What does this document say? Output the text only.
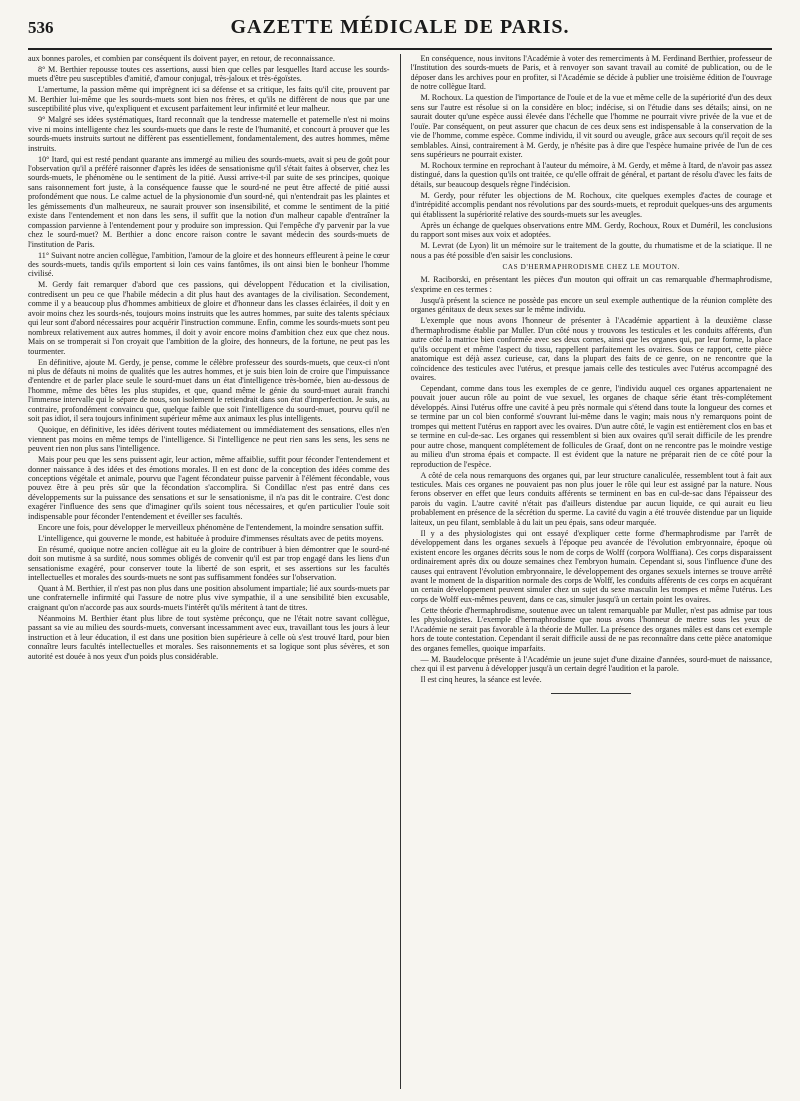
536	GAZETTE MÉDICALE DE PARIS.

aux bonnes paroles, et combien par conséquent ils doivent payer, en retour, de reconnaissance.

8° M. Berthier repousse toutes ces assertions, aussi bien que celles par lesquelles Itard accuse les sourds-muets d'être peu susceptibles d'amitié, d'amour conjugal, très-jaloux et très-égoïstes.

L'amertume, la passion même qui imprègnent ici sa défense et sa critique, les faits qu'il cite, prouvent par M. Berthier lui-même que les sourds-muets sont bien nos frères, et qu'ils ne diffèrent de nous que par une susceptibilité plus vive, qu'expliquent et excusent parfaitement leur infirmité et leur malheur.

9° Malgré ses idées systématiques, Itard reconnaît que la tendresse maternelle et paternelle n'est ni moins vive ni moins intelligente chez les sourds-muets que dans le reste de l'humanité, et concourt à prouver que les sourds-muets instruits surtout ne diffèrent pas essentiellement, fondamentalement, des autres hommes, même instruits.

10° Itard, qui est resté pendant quarante ans immergé au milieu des sourds-muets, avait si peu de goût pour l'observation qu'il a préféré raisonner d'après les idées de sensationisme qu'il s'était faites à observer, chez les sourds-muets, le phénomène ou le sentiment de la pitié. Aussi arrive-t-il par suite de ses principes, quoique sans raisonnement fort juste, à la conséquence fausse que le sourd-né ne peut être affecté de pitié aussi profondément que nous. Le calme actuel de la physionomie d'un sourd-né, qui n'entendrait pas les plaintes et les gémissements d'un malheureux, ne saurait prouver son insensibilité, et comme le sentiment de la pitié existe dans l'entendement et non dans les sens, il suffit que la notion d'un malheur capable d'entraîner la compassion parvienne à l'entendement pour y produire son impression. Qui l'empêche d'y parvenir par la vue chez le sourd-muet? M. Berthier a donc encore raison contre le savant médecin des sourds-muets de l'institution de Paris.

11° Suivant notre ancien collègue, l'ambition, l'amour de la gloire et des honneurs effleurent à peine le cœur des sourds-muets, tandis qu'ils emportent si loin ces vains fantômes, ils ont ainsi bien le bonheur l'homme civilisé.

M. Gerdy fait remarquer d'abord que ces passions, qui développent l'éducation et la civilisation, contredisent un peu ce que l'habile médecin a dit plus haut des avantages de la civilisation. Secondement, comme il y a beaucoup plus d'hommes ambitieux de gloire et d'honneur dans les classes éclairées, il doit y en avoir moins chez les sourds-nés, toujours moins instruits que les autres hommes, par suite des talents spéciaux qui leur sont d'abord nécessaires pour acquérir l'instruction commune. Enfin, comme les sourds-muets sont peu nombreux relativement aux autres hommes, il doit y avoir encore moins d'ambition chez eux que chez nous. Mais on se tromperait si l'on croyait que l'ambition de la gloire, des honneurs, de la fortune, ne peut pas les tourmenter.

En définitive, ajoute M. Gerdy, je pense, comme le célèbre professeur des sourds-muets, que ceux-ci n'ont ni plus de défauts ni moins de qualités que les autres hommes, et je suis bien loin de croire que l'impuissance d'entendre et de parler place seule le sourd-muet dans un état d'intelligence très-bornée, bien au-dessous de l'homme, même des bêtes les plus stupides, et que, quand même le génie du sourd-muet aurait franchi l'immense intervalle qui le sépare de nous, son isolement le retiendrait dans son état d'imperfection. Je suis, au contraire, profondément convaincu que, quelque faible que soit l'intelligence du sourd-muet, pourvu qu'il ne soit pas idiot, il sera toujours infiniment supérieur même aux animaux les plus intelligents.

Quoique, en définitive, les idées dérivent toutes médiatement ou immédiatement des sensations, elles n'en viennent pas moins en même temps de l'intelligence. Si l'intelligence ne peut rien sans les sens, les sens ne peuvent rien non plus sans l'intelligence.

Mais pour peu que les sens puissent agir, leur action, même affaiblie, suffit pour féconder l'entendement et donner naissance à des idées et des émotions morales. Il en est donc de la conception des idées comme des conceptions végétale et animale, pourvu que l'agent fécondateur puisse parvenir à l'élément fécondable, vous pouvez être à peu près sûr que la fécondation s'accomplira. Si Condillac n'est pas entré dans ces développements sur la puissance des sensations et sur le sensationisme, il n'a pas dit le contraire. C'est donc exagérer l'influence des sens que d'imaginer qu'ils soient tous nécessaires, et qu'en particulier l'ouïe soit indispensable pour féconder l'entendement et éveiller ses facultés.

Encore une fois, pour développer le merveilleux phénomène de l'entendement, la moindre sensation suffit.

L'intelligence, qui gouverne le monde, est habituée à produire d'immenses résultats avec de petits moyens.

En résumé, quoique notre ancien collègue ait eu la gloire de contribuer à bien démontrer que le sourd-né doit son mutisme à sa surdité, nous sommes obligés de convenir qu'il est par trop engagé dans les liens d'un sensationisme exagéré, pour conserver toute la liberté de son esprit, et ses assertions sur les facultés intellectuelles et morales des sourds-muets ne sont pas suffisamment fondées sur l'observation.

Quant à M. Berthier, il n'est pas non plus dans une position absolument impartiale; lié aux sourds-muets par une confraternelle infirmité qui l'assure de notre plus vive sympathie, il a une sensibilité bien excusable, craignant qu'on n'accorde pas aux sourds-muets l'intérêt qu'ils méritent à tant de titres.

Néanmoins M. Berthier étant plus libre de tout système préconçu, que ne l'était notre savant collègue, passant sa vie au milieu des sourds-muets, conversant incessamment avec eux, travaillant tous les jours à leur instruction et à leur éducation, il est dans une position bien supérieure à celle où s'est trouvé Itard, pour bien connaître leurs facultés intellectuelles et morales. Ses raisonnements et sa logique sont plus sévères, et son autorité est douée à nos yeux d'un poids plus considérable.

En conséquence, nous invitons l'Académie à voter des remerciments à M. Ferdinand Berthier, professeur de l'Institution des sourds-muets de Paris, et à renvoyer son savant travail au comité de publication, ou de le déposer dans les archives pour en profiter, si l'Académie se décide à publier une troisième édition de l'ouvrage de notre collègue Itard.

M. Rochoux. La question de l'importance de l'ouïe et de la vue et même celle de la supériorité d'un des deux sens sur l'autre est résolue si on la considère en bloc; indécise, si on l'étudie dans ses détails; ainsi, on ne saurait douter qu'une espèce aussi élevée dans l'échelle que l'homme ne pourrait vivre privée de la vue et de l'ouïe. Par conséquent, on peut assurer que chacun de ces deux sens est indispensable à la conservation de la vie de l'homme, comme espèce. Comme individu, il vit sourd ou aveugle, grâce aux secours qu'il reçoit de ses semblables. Ainsi, contrairement à M. Gerdy, je n'hésite pas à dire que l'espèce humaine privée de l'un de ces sens supérieurs ne pourrait exister.

M. Rochoux termine en reprochant à l'auteur du mémoire, à M. Gerdy, et même à Itard, de n'avoir pas assez distingué, dans la question qu'ils ont traitée, ce qu'elle offrait de général, et partant de résolu d'avec les faits de détails, sur beaucoup desquels règne l'indécision.

M. Gerdy, pour réfuter les objections de M. Rochoux, cite quelques exemples d'actes de courage et d'intrépidité accomplis pendant nos révolutions par des sourds-muets, et reproduit quelques-uns des arguments qui établissent la supériorité relative des sourds-muets sur les aveugles.

Après un échange de quelques observations entre MM. Gerdy, Rochoux, Roux et Duméril, les conclusions du rapport sont mises aux voix et adoptées.

M. Levrat (de Lyon) lit un mémoire sur le traitement de la goutte, du rhumatisme et de la sciatique. Il ne nous a pas été possible d'en saisir les conclusions.

CAS D'HERMAPHRODISME CHEZ LE MOUTON.

M. Raciborski, en présentant les pièces d'un mouton qui offrait un cas remarquable d'hermaphrodisme, s'exprime en ces termes :

Jusqu'à présent la science ne possède pas encore un seul exemple authentique de la réunion complète des organes génitaux de deux sexes sur le même individu.

L'exemple que nous avons l'honneur de présenter à l'Académie appartient à la deuxième classe d'hermaphrodisme établie par Muller. D'un côté nous y trouvons les testicules et les conduits afférents, d'un autre côté la matrice bien conformée avec ses deux cornes, ainsi que les organes qui, par leur forme, la place qu'ils occupent et même l'aspect du tissu, rappellent parfaitement les ovaires. Sous ce rapport, cette pièce anatomique est déjà assez curieuse, car, dans la plupart des faits de ce genre, on ne rencontre que la coïncidence des testicules avec l'utérus, et presque jamais celle des testicules avec l'utérus accompagné des ovaires.

Cependant, comme dans tous les exemples de ce genre, l'individu auquel ces organes appartenaient ne pouvait jouer aucun rôle au point de vue sexuel, les organes de chaque série étant très-complétement développés. Ainsi l'utérus offre une cavité à peu près normale qui s'étend dans toute la longueur des cornes et se termine par un col bien conformé s'ouvrant lui-même dans le vagin; mais nous n'y remarquons point de trompes qui mettent l'utérus en rapport avec les ovaires. D'un autre côté, le vagin est entièrement clos en bas et se termine en cul-de-sac. Les organes qui ressemblent si bien aux ovaires qu'il serait difficile de les prendre pour autre chose, manquent complétement de follicules de Graaf, dont on ne rencontre pas le moindre vestige au milieu d'un stroma épais et compacte. Il est évident que la nature ne préparait rien de ce côté pour la reproduction de l'espèce.

A côté de cela nous remarquons des organes qui, par leur structure canaliculée, ressemblent tout à fait aux testicules. Mais ces organes ne pouvaient pas non plus jouer le rôle qui leur est assigné par la nature. Nous ferons observer en effet que leurs conduits afférents se terminent en bas en cul-de-sac dans l'épaisseur des parois du vagin. L'autre cavité n'était pas d'ailleurs distendue par aucun liquide, ce qui aurait eu lieu probablement en présence de la sécrétion du sperme. La cavité du vagin a été trouvée distendue par un liquide laiteux, un peu filant, semblable à du lait un peu épais, sans odeur marquée.

Il y a des physiologistes qui ont essayé d'expliquer cette forme d'hermaphrodisme par l'arrêt de développement dans les organes sexuels à l'époque peu avancée de l'évolution embryonnaire, époque où existent encore les organes décrits sous le nom de corps de Wolff (corpora Wolffiana). Ces corps disparaissent ordinairement après dix ou douze semaines chez l'embryon humain. Cependant si, sous l'influence d'une des causes qui entravent l'évolution embryonnaire, le développement des organes sexuels internes se trouve arrêté avant le moment de la disparition normale des corps de Wolff, les conduits afférents de ces corps en acquérant un certain développement peuvent simuler chez un sujet du sexe masculin les trompes et même l'utérus. Les corps de Wolff eux-mêmes peuvent, dans ce cas, simuler jusqu'à un certain point les ovaires.

Cette théorie d'hermaphrodisme, soutenue avec un talent remarquable par Muller, n'est pas admise par tous les physiologistes. L'exemple d'hermaphrodisme que nous avons l'honneur de mettre sous les yeux de l'Académie ne serait pas favorable à la théorie de Muller. La présence des organes mâles est dans cet exemple hors de toute contestation. Cependant il serait difficile aussi de ne pas reconnaître dans cette pièce anatomique des organes femelles, quoique imparfaits.

— M. Baudelocque présente à l'Académie un jeune sujet d'une dizaine d'années, sourd-muet de naissance, chez qui il est parvenu à développer jusqu'à un certain degré l'audition et la parole.

Il est cinq heures, la séance est levée.
